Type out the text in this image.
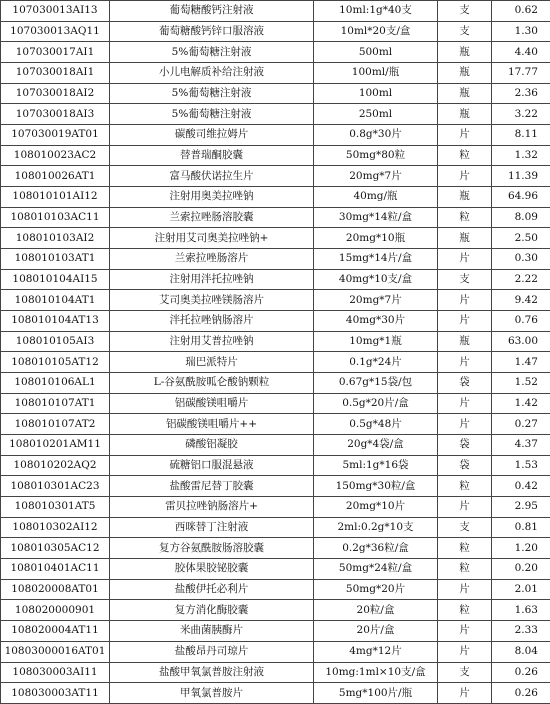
107030013AI13	葡萄糖酸钙注射液	10ml:1g*40支	支	0.62
107030013AQ11	葡萄糖酸钙锌口服溶液	10ml*20支/盒	支	1.30
107030017AI1	5%葡萄糖注射液	500ml	瓶	4.40
107030018AI1	小儿电解质补给注射液	100ml/瓶	瓶	17.77
107030018AI2	5%葡萄糖注射液	100ml	瓶	2.36
107030018AI3	5%葡萄糖注射液	250ml	瓶	3.22
107030019AT01	碳酸司维拉姆片	0.8g*30片	片	8.11
108010023AC2	替普瑞酮胶囊	50mg*80粒	粒	1.32
108010026AT1	富马酸伏诺拉生片	20mg*7片	片	11.39
108010101AI12	注射用奥美拉唑钠	40mg/瓶	瓶	64.96
108010103AC11	兰索拉唑肠溶胶囊	30mg*14粒/盒	粒	8.09
108010103AI2	注射用艾司奥美拉唑钠+	20mg*10瓶	瓶	2.50
108010103AT1	兰索拉唑肠溶片	15mg*14片/盒	片	0.30
108010104AI15	注射用泮托拉唑钠	40mg*10支/盒	支	2.22
108010104AT1	艾司奥美拉唑镁肠溶片	20mg*7片	片	9.42
108010104AT13	泮托拉唑钠肠溶片	40mg*30片	片	0.76
108010105AI3	注射用艾普拉唑钠	10mg*1瓶	瓶	63.00
108010105AT12	瑞巴派特片	0.1g*24片	片	1.47
108010106AL1	L-谷氨酰胺呱仑酸钠颗粒	0.67g*15袋/包	袋	1.52
108010107AT1	铝碳酸镁咀嚼片	0.5g*20片/盒	片	1.42
108010107AT2	铝碳酸镁咀嚼片++	0.5g*48片	片	0.27
108010201AM11	磷酸铝凝胶	20g*4袋/盒	袋	4.37
108010202AQ2	硫糖铝口服混悬液	5ml:1g*16袋	袋	1.53
108010301AC23	盐酸雷尼替丁胶囊	150mg*30粒/盒	粒	0.42
108010301AT5	雷贝拉唑钠肠溶片+	20mg*10片	片	2.95
108010302AI12	西咪替丁注射液	2ml:0.2g*10支	支	0.81
108010305AC12	复方谷氨酰胺肠溶胶囊	0.2g*36粒/盒	粒	1.20
108010401AC11	胶体果胶铋胶囊	50mg*24粒/盒	粒	0.20
108020008AT01	盐酸伊托必利片	50mg*20片	片	2.01
108020000901	复方消化酶胶囊	20粒/盒	粒	1.63
108020004AT11	米曲菌胰酶片	20片/盒	片	2.33
10803000016AT01	盐酸昂丹司琼片	4mg*12片	片	8.04
108030003AI11	盐酸甲氧氯普胺注射液	10mg:1ml×10支/盒	支	0.26
108030003AT11	甲氧氯普胺片	5mg*100片/瓶	片	0.26
